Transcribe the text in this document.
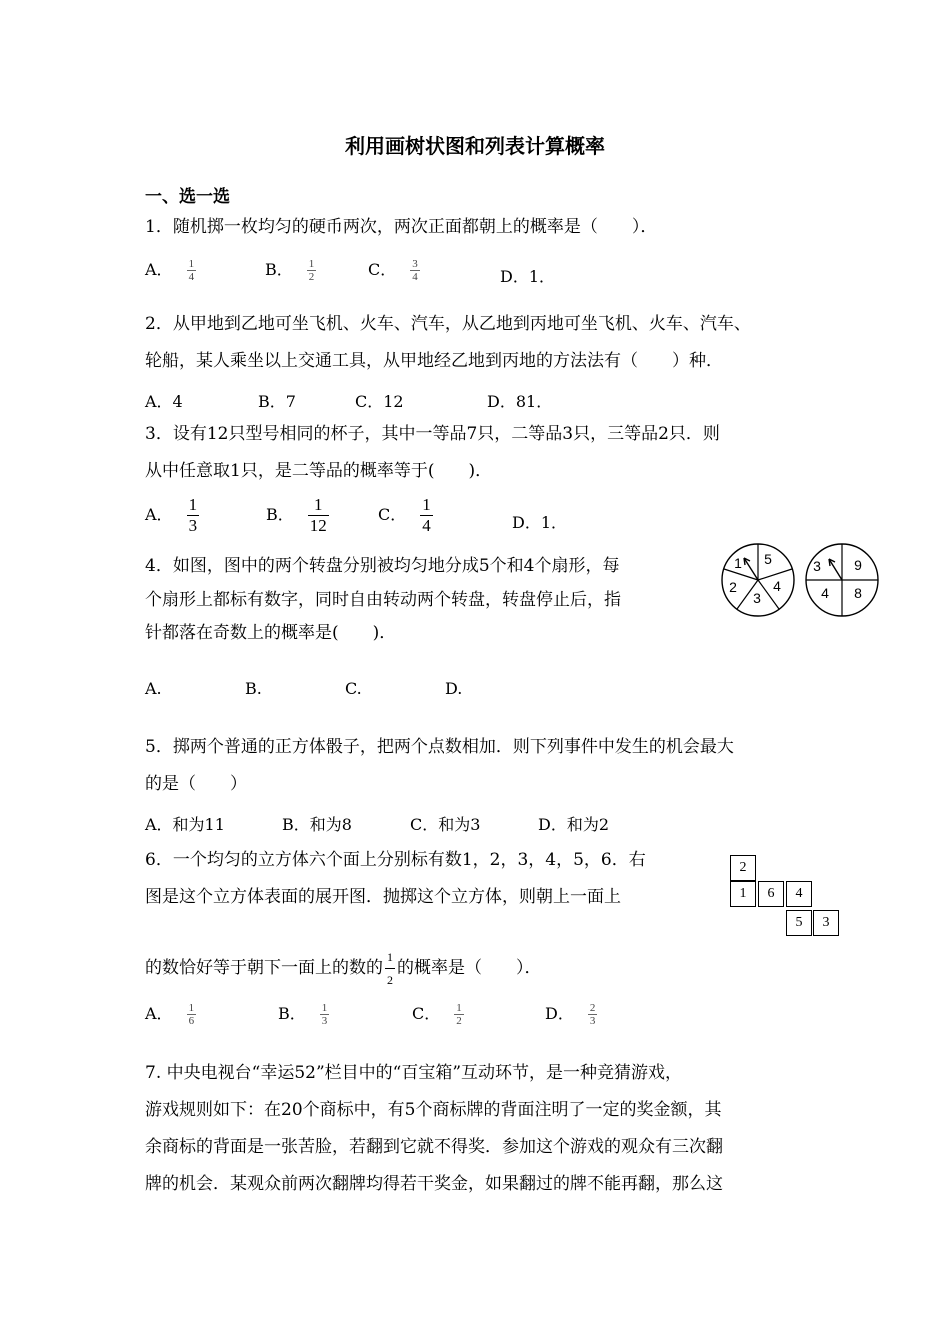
利用画树状图和列表计算概率
一、选一选
1．随机掷一枚均匀的硬币两次，两次正面都朝上的概率是（　　）．
A． $\frac{1}{4}$	B． $\frac{1}{2}$	C． $\frac{3}{4}$	D．1．
2．从甲地到乙地可坐飞机、火车、汽车，从乙地到丙地可坐飞机、火车、汽车、
轮船，某人乘坐以上交通工具，从甲地经乙地到丙地的方法法有（　　）种．
A．4	B．7	C．12	D．81．
3．设有12只型号相同的杯子，其中一等品7只，二等品3只，三等品2只．则
从中任意取1只，是二等品的概率等于(　　)．
A． $\frac{1}{3}$	B． $\frac{1}{12}$	C． $\frac{1}{4}$	D．1．
4．如图，图中的两个转盘分别被均匀地分成5个和4个扇形，每
个扇形上都标有数字，同时自由转动两个转盘，转盘停止后，指
针都落在奇数上的概率是(　　)．
1 5
4
3
2
3 9
8
4
A.	B.	C.	D.
5．掷两个普通的正方体骰子，把两个点数相加．则下列事件中发生的机会最大
的是（　　）
A．和为11	B．和为8	C．和为3	D．和为2
6．一个均匀的立方体六个面上分别标有数1，2，3，4，5，6．右
图是这个立方体表面的展开图．抛掷这个立方体，则朝上一面上
的数恰好等于朝下一面上的数的 $\frac{1}{2}$ 的概率是（　　）．
2
1	6	4
5	3
A． $\frac{1}{6}$	B． $\frac{1}{3}$	C． $\frac{1}{2}$	D． $\frac{2}{3}$
7. 中央电视台“幸运52”栏目中的“百宝箱”互动环节，是一种竞猜游戏，
游戏规则如下：在20个商标中，有5个商标牌的背面注明了一定的奖金额，其
余商标的背面是一张苦脸，若翻到它就不得奖．参加这个游戏的观众有三次翻
牌的机会．某观众前两次翻牌均得若干奖金，如果翻过的牌不能再翻，那么这
